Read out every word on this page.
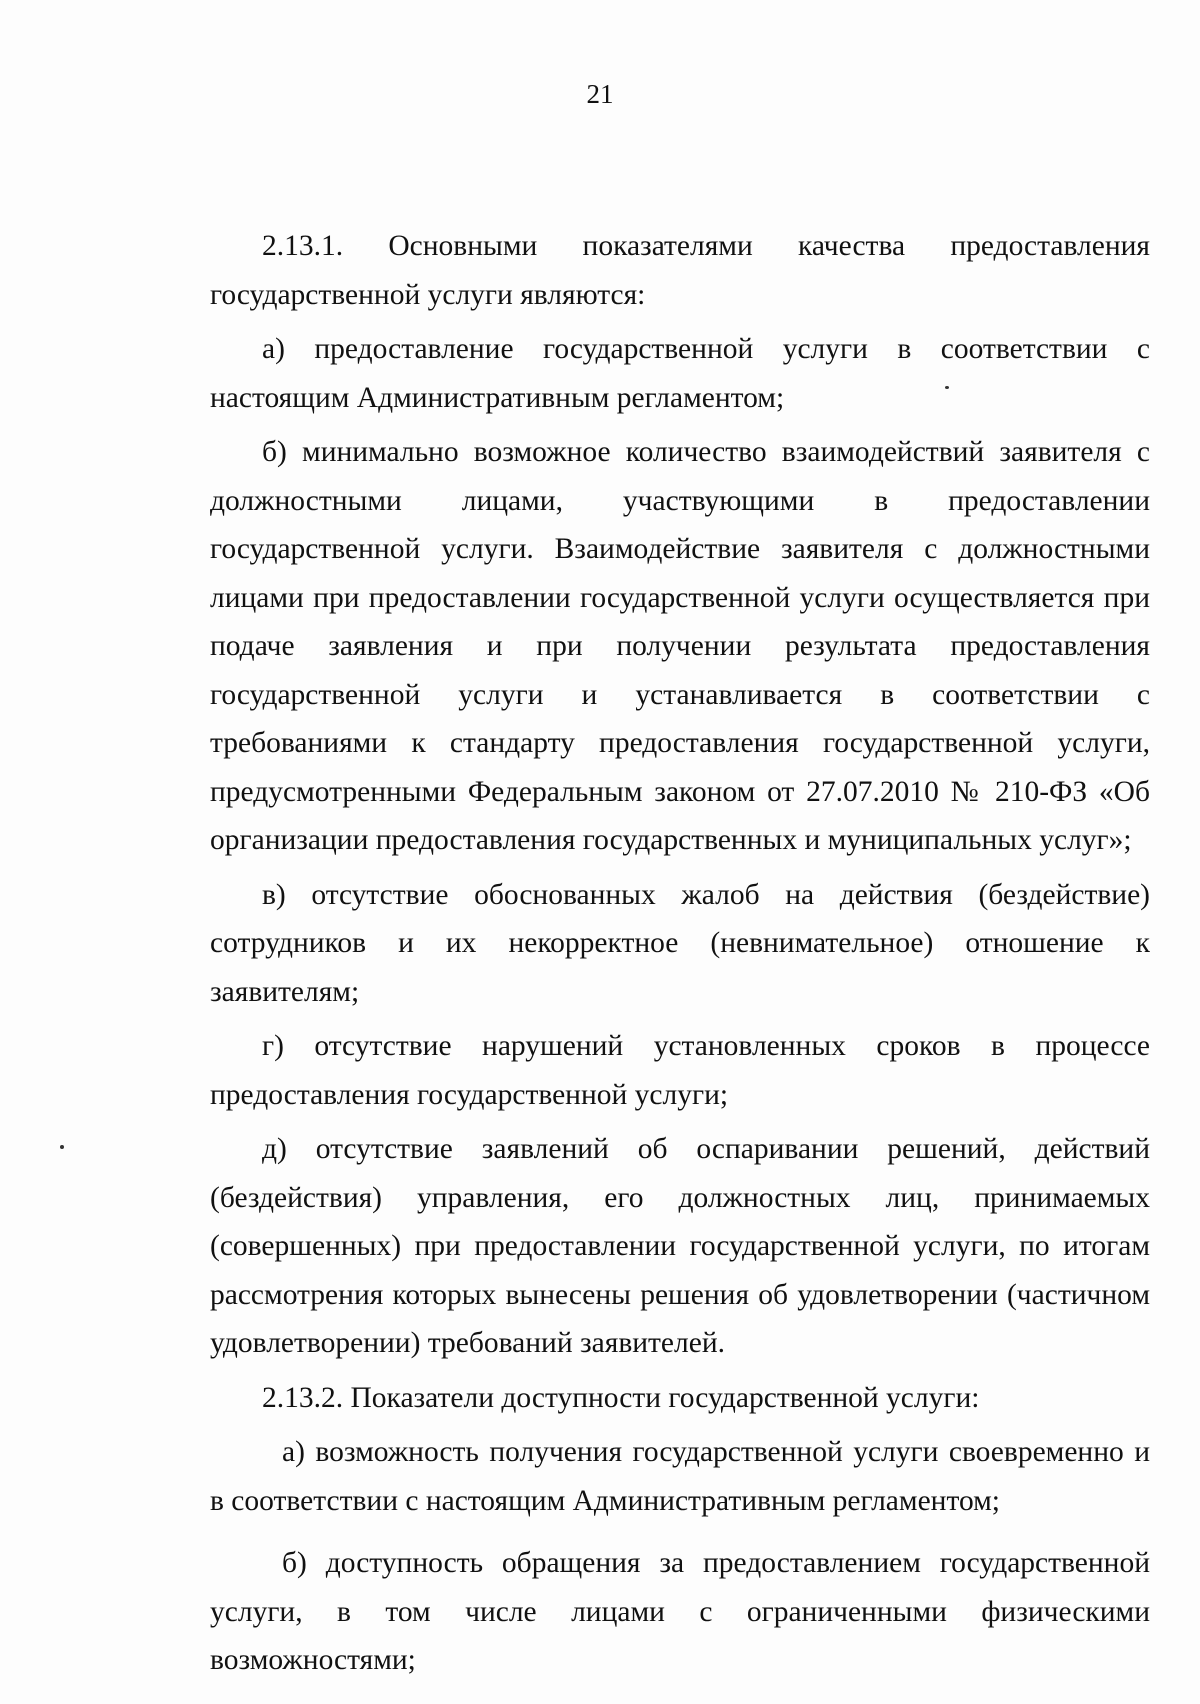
21

2.13.1. Основными показателями качества предоставления государственной услуги являются:

а) предоставление государственной услуги в соответствии с настоящим Административным регламентом;

б) минимально возможное количество взаимодействий заявителя с должностными лицами, участвующими в предоставлении государственной услуги. Взаимодействие заявителя с должностными лицами при предоставлении государственной услуги осуществляется при подаче заявления и при получении результата предоставления государственной услуги и устанавливается в соответствии с требованиями к стандарту предоставления государственной услуги, предусмотренными Федеральным законом от 27.07.2010 № 210-ФЗ «Об организации предоставления государственных и муниципальных услуг»;

в) отсутствие обоснованных жалоб на действия (бездействие) сотрудников и их некорректное (невнимательное) отношение к заявителям;

г) отсутствие нарушений установленных сроков в процессе предоставления государственной услуги;

д) отсутствие заявлений об оспаривании решений, действий (бездействия) управления, его должностных лиц, принимаемых (совершенных) при предоставлении государственной услуги, по итогам рассмотрения которых вынесены решения об удовлетворении (частичном удовлетворении) требований заявителей.

2.13.2. Показатели доступности государственной услуги:

а) возможность получения государственной услуги своевременно и в соответствии с настоящим Административным регламентом;

б) доступность обращения за предоставлением государственной услуги, в том числе лицами с ограниченными физическими возможностями;
